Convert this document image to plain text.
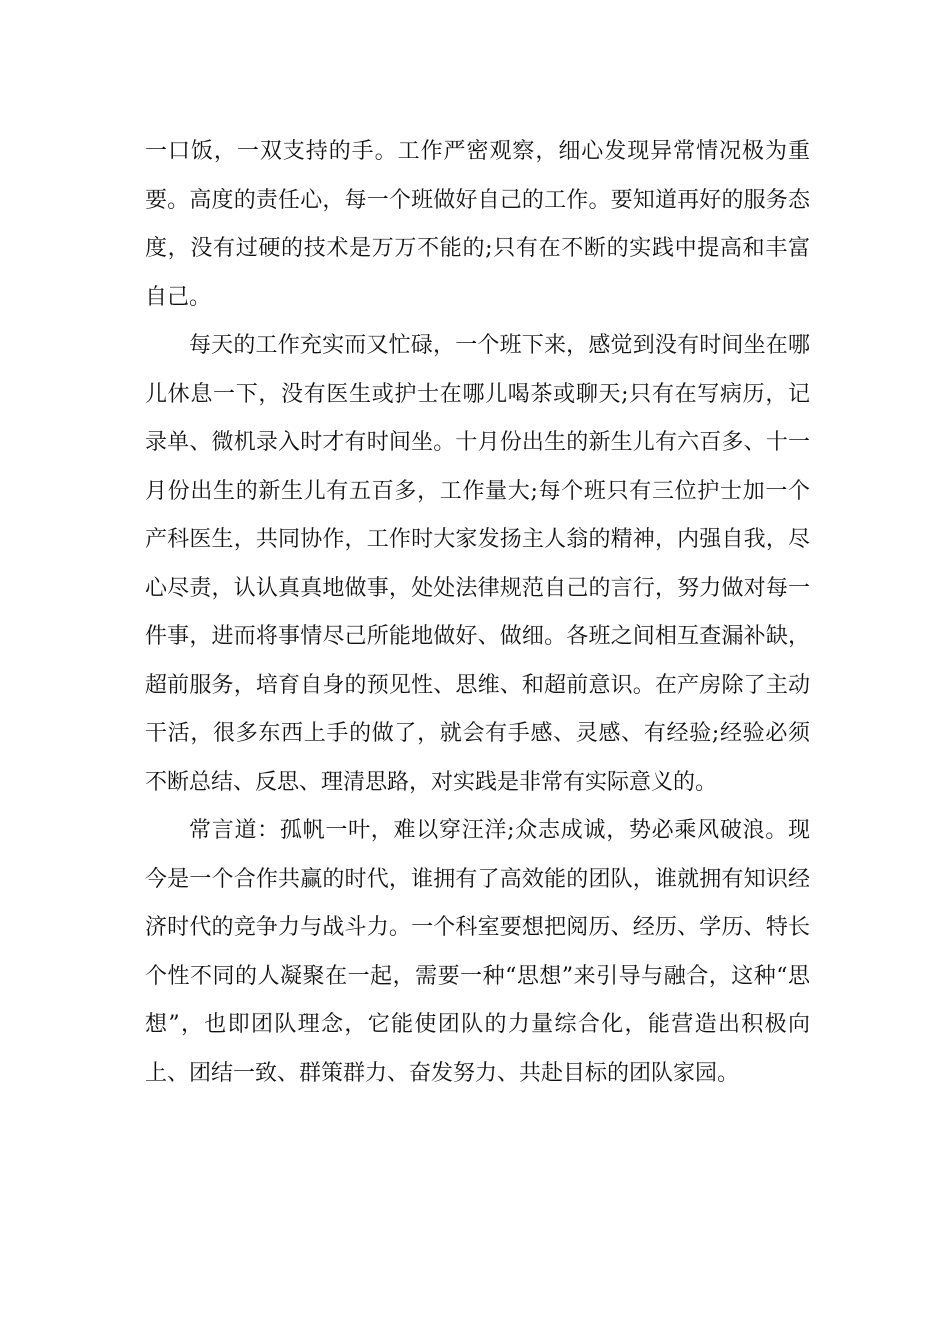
一口饭，一双支持的手。工作严密观察，细心发现异常情况极为重要。高度的责任心，每一个班做好自己的工作。要知道再好的服务态度，没有过硬的技术是万万不能的;只有在不断的实践中提高和丰富自己。

每天的工作充实而又忙碌，一个班下来，感觉到没有时间坐在哪儿休息一下，没有医生或护士在哪儿喝茶或聊天;只有在写病历，记录单、微机录入时才有时间坐。十月份出生的新生儿有六百多、十一月份出生的新生儿有五百多，工作量大;每个班只有三位护士加一个产科医生，共同协作，工作时大家发扬主人翁的精神，内强自我，尽心尽责，认认真真地做事，处处法律规范自己的言行，努力做对每一件事，进而将事情尽己所能地做好、做细。各班之间相互查漏补缺，超前服务，培育自身的预见性、思维、和超前意识。在产房除了主动干活，很多东西上手的做了，就会有手感、灵感、有经验;经验必须不断总结、反思、理清思路，对实践是非常有实际意义的。

常言道：孤帆一叶，难以穿汪洋;众志成诚，势必乘风破浪。现今是一个合作共赢的时代，谁拥有了高效能的团队，谁就拥有知识经济时代的竞争力与战斗力。一个科室要想把阅历、经历、学历、特长个性不同的人凝聚在一起，需要一种“思想”来引导与融合，这种“思想”，也即团队理念，它能使团队的力量综合化，能营造出积极向上、团结一致、群策群力、奋发努力、共赴目标的团队家园。
